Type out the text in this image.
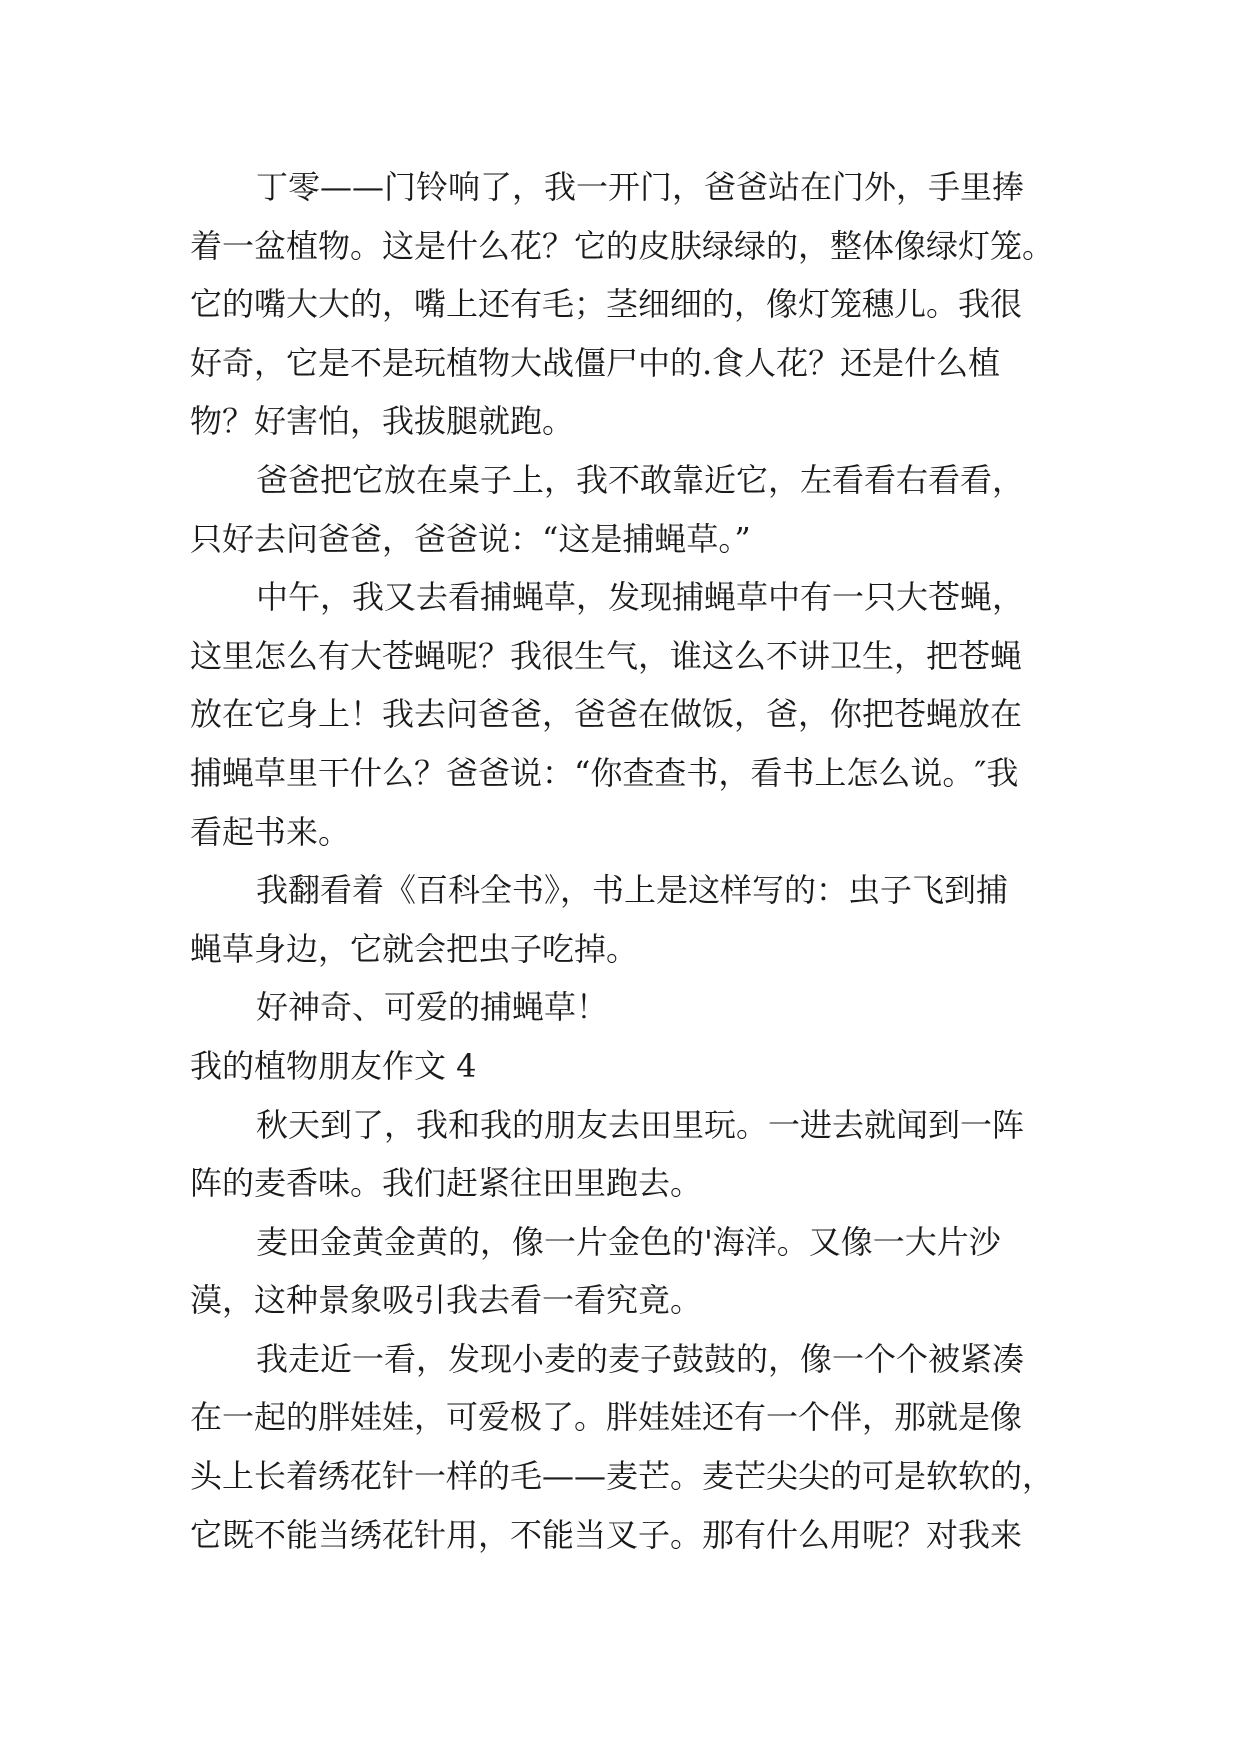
丁零——门铃响了，我一开门，爸爸站在门外，手里捧
着一盆植物。这是什么花？它的皮肤绿绿的，整体像绿灯笼。
它的嘴大大的，嘴上还有毛；茎细细的，像灯笼穗儿。我很
好奇，它是不是玩植物大战僵尸中的.食人花？还是什么植
物？好害怕，我拔腿就跑。
爸爸把它放在桌子上，我不敢靠近它，左看看右看看，
只好去问爸爸，爸爸说：“这是捕蝇草。”
中午，我又去看捕蝇草，发现捕蝇草中有一只大苍蝇，
这里怎么有大苍蝇呢？我很生气，谁这么不讲卫生，把苍蝇
放在它身上！我去问爸爸，爸爸在做饭，爸，你把苍蝇放在
捕蝇草里干什么？爸爸说：“你查查书，看书上怎么说。″我
看起书来。
我翻看着《百科全书》，书上是这样写的：虫子飞到捕
蝇草身边，它就会把虫子吃掉。
好神奇、可爱的捕蝇草！
我的植物朋友作文 4
秋天到了，我和我的朋友去田里玩。一进去就闻到一阵
阵的麦香味。我们赶紧往田里跑去。
麦田金黄金黄的，像一片金色的'海洋。又像一大片沙
漠，这种景象吸引我去看一看究竟。
我走近一看，发现小麦的麦子鼓鼓的，像一个个被紧凑
在一起的胖娃娃，可爱极了。胖娃娃还有一个伴，那就是像
头上长着绣花针一样的毛——麦芒。麦芒尖尖的可是软软的，
它既不能当绣花针用，不能当叉子。那有什么用呢？对我来
